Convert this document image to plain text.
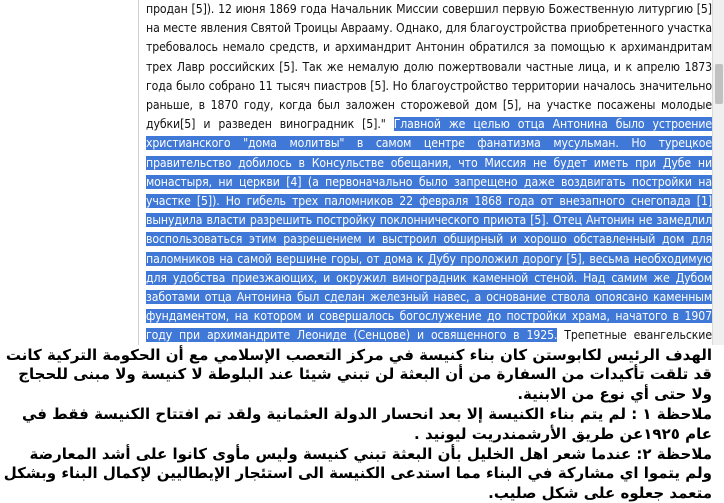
продан [5]). 12 июня 1869 года Начальник Миссии совершил первую Божественную литургию [5] на месте явления Святой Троицы Аврааму. Однако, для благоустройства приобретенного участка требовалось немало средств, и архимандрит Антонин обратился за помощью к архимандритам трех Лавр российских [5]. Так же немалую долю пожертвовали частные лица, и к апрелю 1873 года было собрано 11 тысяч пиастров [5]. Но благоустройство территории началось значительно раньше, в 1870 году, когда был заложен сторожевой дом [5], на участке посажены молодые дубки[5] и разведен виноградник [5]." Главной же целью отца Антонина было устроение христианского "дома молитвы" в самом центре фанатизма мусульман. Но турецкое правительство добилось в Консульстве обещания, что Миссия не будет иметь при Дубе ни монастыря, ни церкви [4] (а первоначально было запрещено даже воздвигать постройки на участке [5]). Но гибель трех паломников 22 февраля 1868 года от внезапного снегопада [1] вынудила власти разрешить постройку поклоннического приюта [5]. Отец Антонин не замедлил воспользоваться этим разрешением и выстроил обширный и хорошо обставленный дом для паломников на самой вершине горы, от дома к Дубу проложил дорогу [5], весьма необходимую для удобства приезжающих, и окружил виноградник каменной стеной. Над самим же Дубом заботами отца Антонина был сделан железный навес, а основание ствола опоясано каменным фундаментом, на котором и совершалось богослужение до постройки храма, начатого в 1907 году при архимандрите Леониде (Сенцове) и освященного в 1925. Трепетные евангельские

الهدف الرئيس لكابوستن كان بناء كنيسة في مركز التعصب الإسلامي مع أن الحكومة التركية كانت قد تلقت تأكيدات من السفارة من أن البعثة لن تبني شيئا عند البلوطة لا كنيسة ولا مبنى للحجاج ولا حتى أي نوع من الابنية.

ملاحظة ١ : لم يتم بناء الكنيسة إلا بعد انحسار الدولة العثمانية ولقد تم افتتاح الكنيسة فقط في عام ١٩٢٥عن طريق الأرشمندريت ليونيد .

ملاحظة ٢: عندما شعر اهل الخليل بأن البعثة تبني كنيسة وليس مأوى كانوا على أشد المعارضة ولم يتموا اي مشاركة في البناء مما استدعى الكنيسة الى استئجار الإيطاليين لإكمال البناء وبشكل متعمد جعلوه على شكل صليب.
